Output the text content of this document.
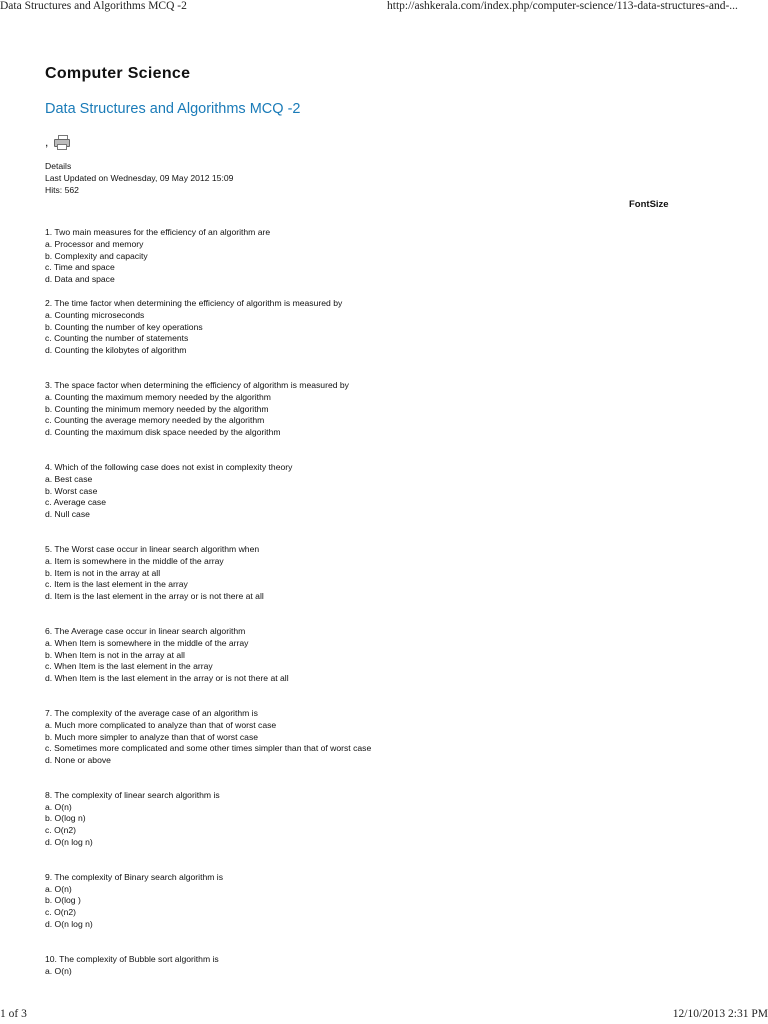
Data Structures and Algorithms MCQ -2	http://ashkerala.com/index.php/computer-science/113-data-structures-and-...
Computer Science
Data Structures and Algorithms MCQ -2
,
Details
Last Updated on Wednesday, 09 May 2012 15:09
Hits: 562
FontSize

1. Two main measures for the efficiency of an algorithm are

a. Processor and memory

b. Complexity and capacity

c. Time and space

d. Data and space

2. The time factor when determining the efficiency of algorithm is measured by

a. Counting microseconds

b. Counting the number of key operations

c. Counting the number of statements

d. Counting the kilobytes of algorithm

3. The space factor when determining the efficiency of algorithm is measured by

a. Counting the maximum memory needed by the algorithm

b. Counting the minimum memory needed by the algorithm

c. Counting the average memory needed by the algorithm

d. Counting the maximum disk space needed by the algorithm

4. Which of the following case does not exist in complexity theory

a. Best case

b. Worst case

c. Average case

d. Null case

5. The Worst case occur in linear search algorithm when

a. Item is somewhere in the middle of the array

b. Item is not in the array at all

c. Item is the last element in the array

d. Item is the last element in the array or is not there at all

6. The Average case occur in linear search algorithm

a. When Item is somewhere in the middle of the array

b. When Item is not in the array at all

c. When Item is the last element in the array

d. When Item is the last element in the array or is not there at all

7. The complexity of the average case of an algorithm is

a. Much more complicated to analyze than that of worst case

b. Much more simpler to analyze than that of worst case

c. Sometimes more complicated and some other times simpler than that of worst case

d. None or above

8. The complexity of linear search algorithm is

a. O(n)

b. O(log n)

c. O(n2)

d. O(n log n)

9. The complexity of Binary search algorithm is

a. O(n)

b. O(log )

c. O(n2)

d. O(n log n)

10. The complexity of Bubble sort algorithm is

a. O(n)

1 of 3	12/10/2013 2:31 PM
